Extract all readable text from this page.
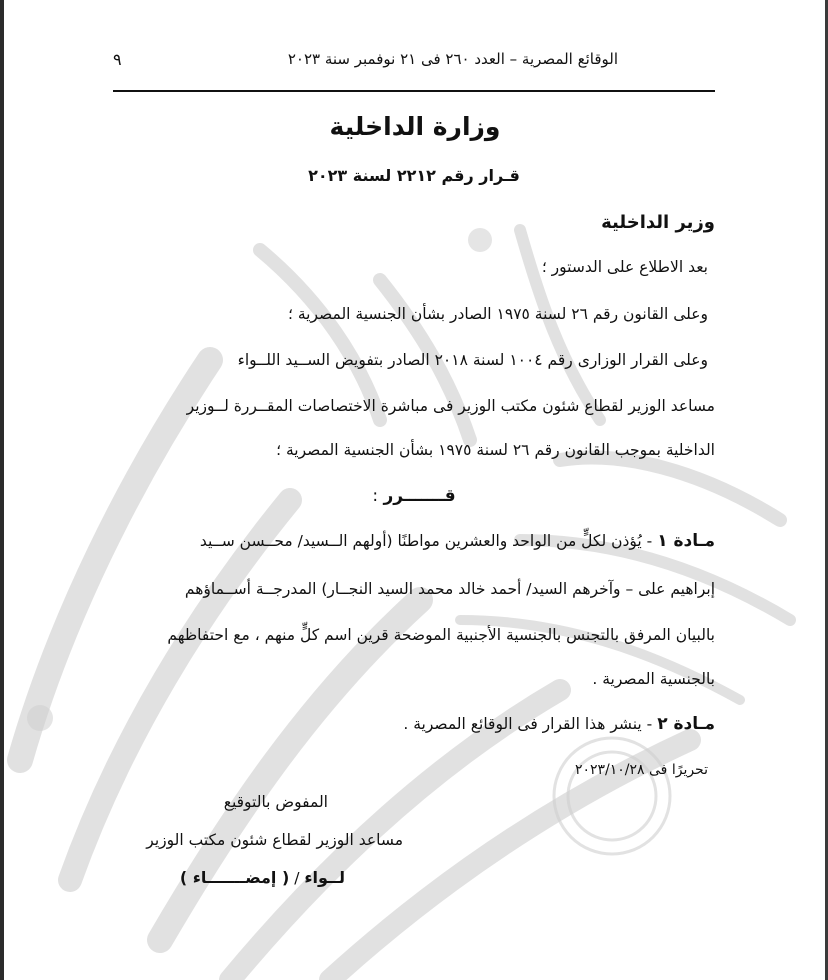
الوقائع المصرية – العدد ٢٦٠ فى ٢١ نوفمبر سنة ٢٠٢٣
٩
وزارة الداخلية
قـرار رقم ٢٢١٢ لسنة ٢٠٢٣
وزير الداخلية
بعد الاطلاع على الدستور ؛
وعلى القانون رقم ٢٦ لسنة ١٩٧٥ الصادر بشأن الجنسية المصرية ؛
وعلى القرار الوزارى رقم ١٠٠٤ لسنة ٢٠١٨ الصادر بتفويض الســيد اللــواء
مساعد الوزير لقطاع شئون مكتب الوزير فى مباشرة الاختصاصات المقــررة لــوزير
الداخلية بموجب القانون رقم ٢٦ لسنة ١٩٧٥ بشأن الجنسية المصرية ؛
قـــــــرر :
مـادة ١ - يُؤذن لكلٍّ من الواحد والعشرين مواطنًا (أولهم الــسيد/ محــسن ســيد
إبراهيم على – وآخرهم السيد/ أحمد خالد محمد السيد النجــار) المدرجــة أســماؤهم
بالبيان المرفق بالتجنس بالجنسية الأجنبية الموضحة قرين اسم كلٍّ منهم ، مع احتفاظهم
بالجنسية المصرية .
مـادة ٢ - ينشر هذا القرار فى الوقائع المصرية .
تحريرًا فى ٢٠٢٣/١٠/٢٨
المفوض بالتوقيع
مساعد الوزير لقطاع شئون مكتب الوزير
لــواء / ( إمضـــــــاء )
